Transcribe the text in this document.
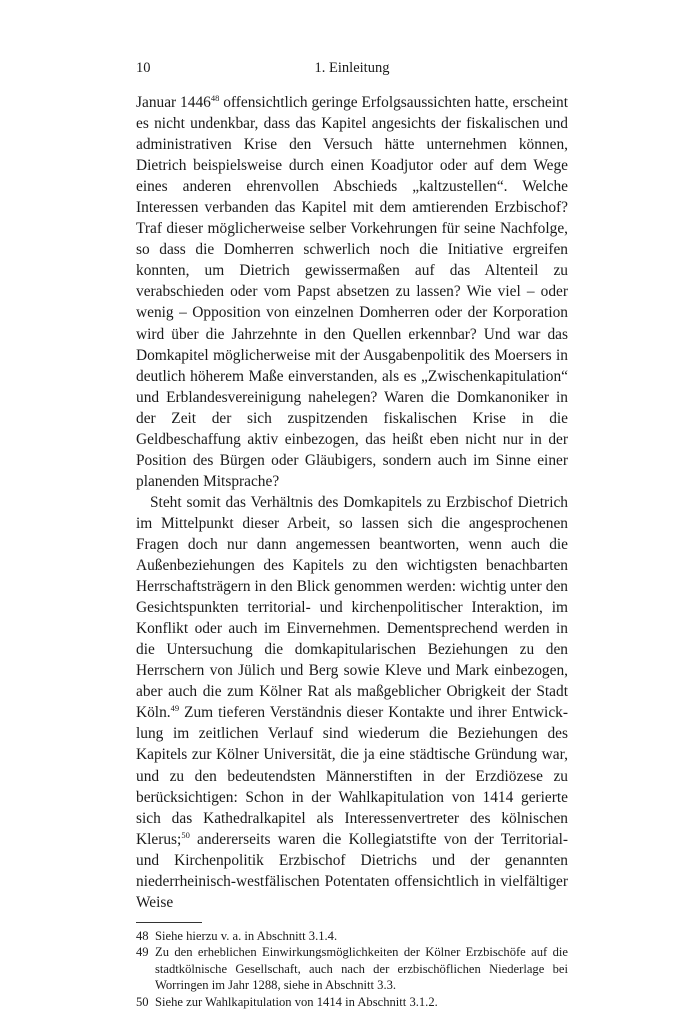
10	1. Einleitung

Januar 1446$^{48}$ offensichtlich geringe Erfolgsaussichten hatte, erscheint es nicht undenkbar, dass das Kapitel angesichts der fiskalischen und administrativen Krise den Versuch hätte unternehmen können, Dietrich beispielsweise durch einen Koadjutor oder auf dem Wege eines anderen ehrenvollen Abschieds „kaltzustellen“. Welche Interessen verbanden das Kapitel mit dem amtierenden Erzbischof? Traf dieser möglicherweise selber Vorkehrungen für seine Nachfolge, so dass die Domherren schwerlich noch die Initiative ergreifen konnten, um Dietrich gewissermaßen auf das Altenteil zu verabschieden oder vom Papst absetzen zu lassen? Wie viel – oder wenig – Opposition von einzelnen Domherren oder der Korporation wird über die Jahrzehnte in den Quellen erkennbar? Und war das Domkapitel möglicherweise mit der Ausgabenpolitik des Moersers in deutlich höherem Maße einverstanden, als es „Zwischenkapitulation“ und Erblandesvereinigung nahelegen? Waren die Domkanoniker in der Zeit der sich zuspitzenden fiskalischen Krise in die Geldbeschaffung aktiv einbezogen, das heißt eben nicht nur in der Position des Bürgen oder Gläubigers, sondern auch im Sinne einer planenden Mitsprache?

Steht somit das Verhältnis des Domkapitels zu Erzbischof Dietrich im Mittelpunkt dieser Arbeit, so lassen sich die angesprochenen Fragen doch nur dann angemessen beantworten, wenn auch die Außenbeziehungen des Kapitels zu den wichtigsten benachbarten Herrschaftsträgern in den Blick genommen werden: wichtig unter den Gesichtspunkten territorial- und kirchenpolitischer Interaktion, im Konflikt oder auch im Einvernehmen. Dementsprechend werden in die Untersuchung die domkapitularischen Beziehungen zu den Herrschern von Jülich und Berg sowie Kleve und Mark einbezogen, aber auch die zum Kölner Rat als maßgeblicher Obrigkeit der Stadt Köln.$^{49}$ Zum tieferen Verständnis dieser Kontakte und ihrer Entwicklung im zeitlichen Verlauf sind wiederum die Beziehungen des Kapitels zur Kölner Universität, die ja eine städtische Gründung war, und zu den bedeutendsten Männerstiften in der Erzdiözese zu berücksichtigen: Schon in der Wahlkapitulation von 1414 gerierte sich das Kathedralkapitel als Interessenvertreter des kölnischen Klerus;$^{50}$ andererseits waren die Kollegiatstifte von der Territorial- und Kirchenpolitik Erzbischof Dietrichs und der genannten niederrheinisch-westfälischen Potentaten offensichtlich in vielfältiger Weise

48 Siehe hierzu v. a. in Abschnitt 3.1.4.
49 Zu den erheblichen Einwirkungsmöglichkeiten der Kölner Erzbischöfe auf die stadtkölnische Gesellschaft, auch nach der erzbischöflichen Niederlage bei Worringen im Jahr 1288, siehe in Abschnitt 3.3.
50 Siehe zur Wahlkapitulation von 1414 in Abschnitt 3.1.2.
